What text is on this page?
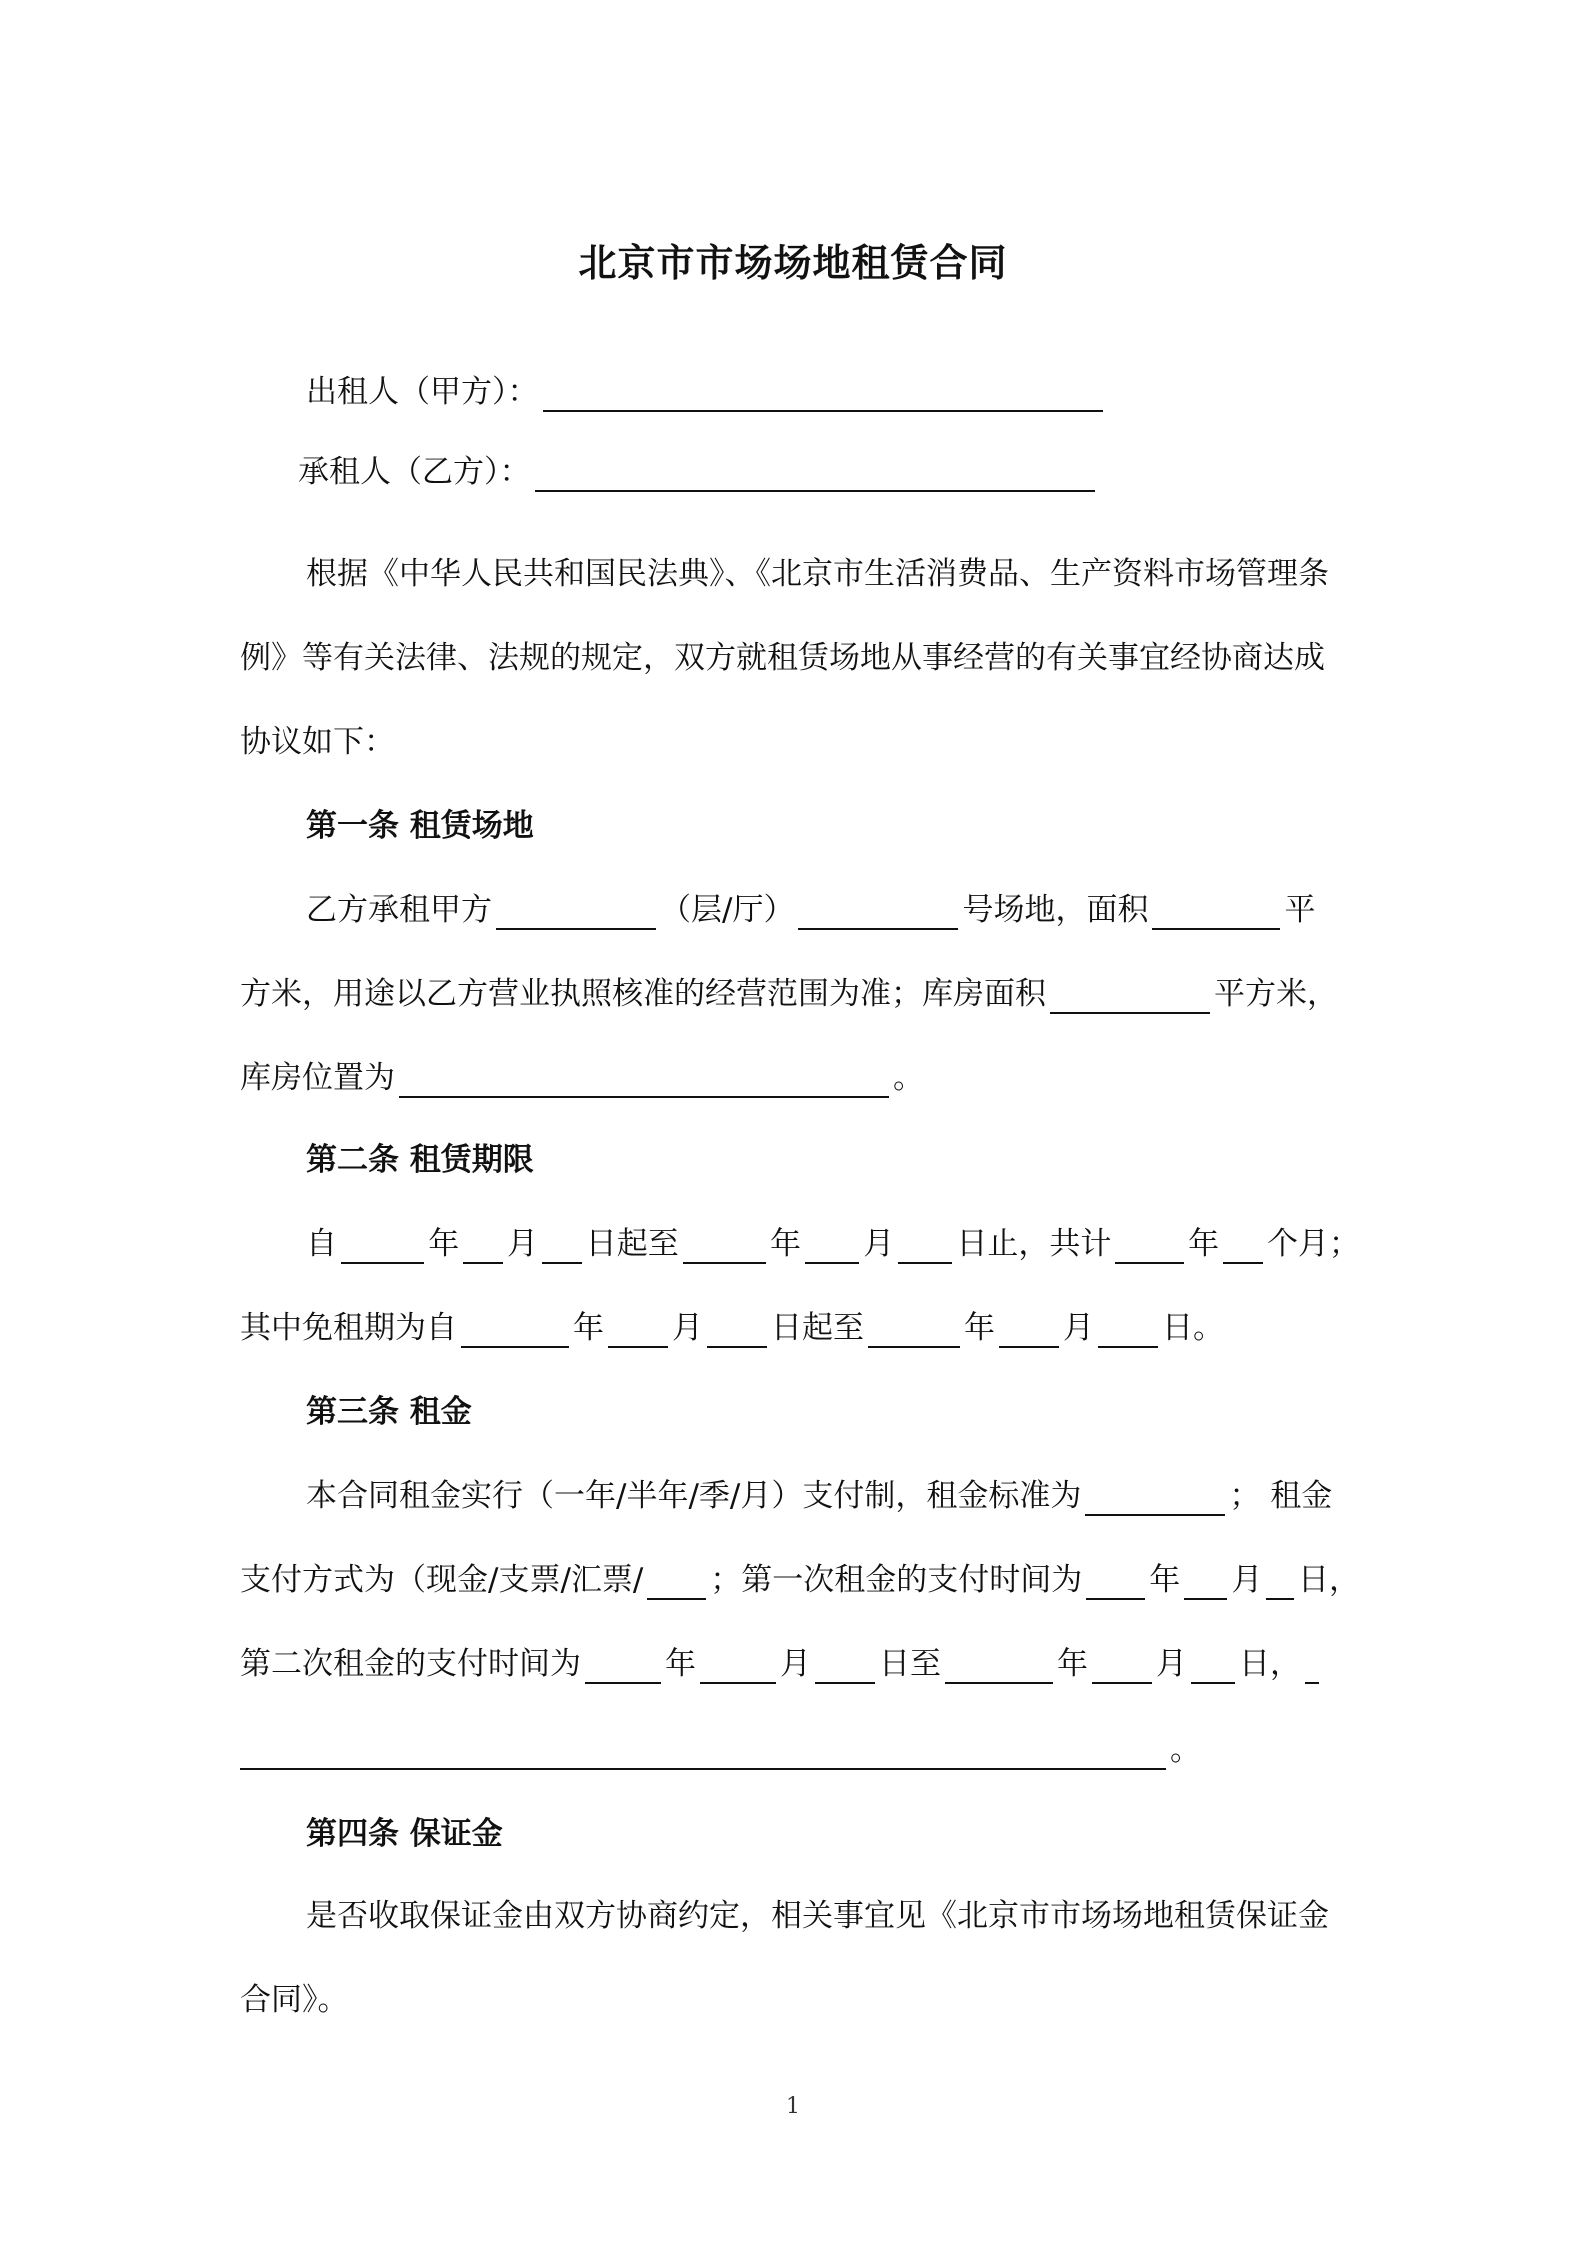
北京市市场场地租赁合同
出租人（甲方）：
承租人（乙方）：
根据《中华人民共和国民法典》、《北京市生活消费品、生产资料市场管理条
例》等有关法律、法规的规定，双方就租赁场地从事经营的有关事宜经协商达成
协议如下：
第一条 租赁场地
乙方承租甲方	（层/厅）	号场地，面积	平
方米，用途以乙方营业执照核准的经营范围为准；库房面积	平方米，
库房位置为	。
第二条 租赁期限
自	年 月 日起至	年 月 日止，共计 年 个月；
其中免租期为自	年 月 日起至	年 月 日。
第三条 租金
本合同租金实行（一年/半年/季/月）支付制，租金标准为	； 租金
支付方式为（现金/支票/汇票/ ；第一次租金的支付时间为 年 月 日，
第二次租金的支付时间为	年	月 日至	年 月 日，
。
第四条 保证金
是否收取保证金由双方协商约定，相关事宜见《北京市市场场地租赁保证金
合同》。
1
